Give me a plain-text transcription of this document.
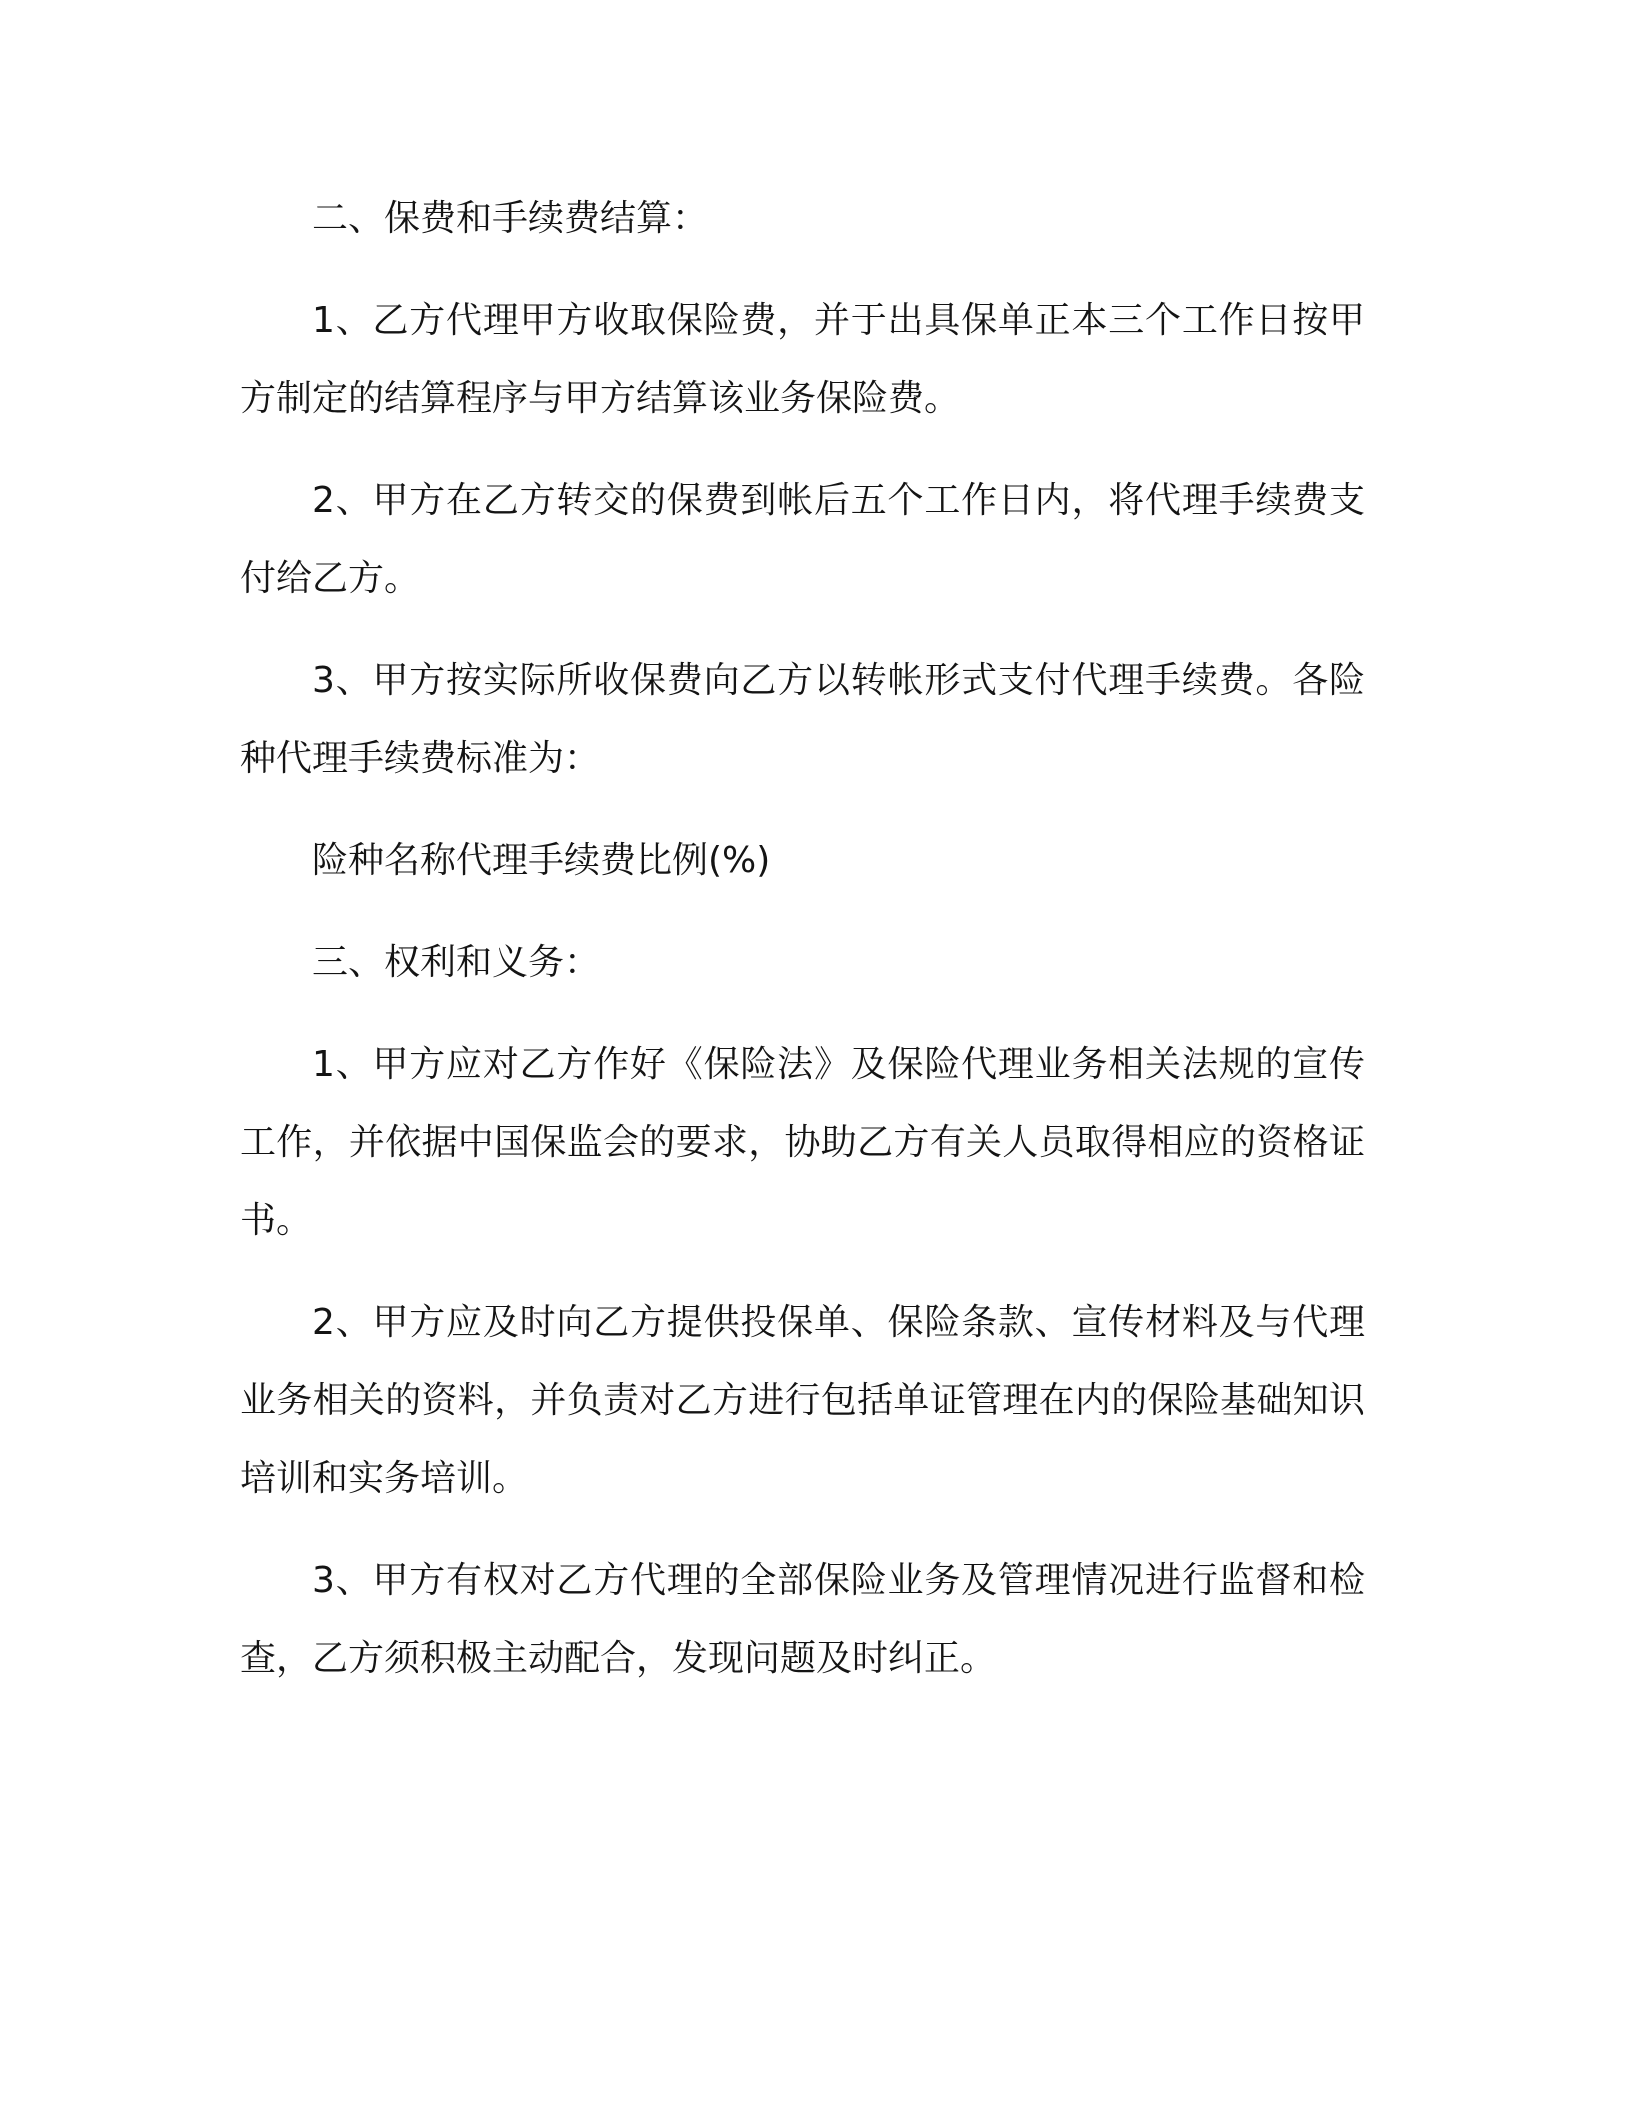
二、保费和手续费结算：

1、乙方代理甲方收取保险费，并于出具保单正本三个工作日按甲方制定的结算程序与甲方结算该业务保险费。

2、甲方在乙方转交的保费到帐后五个工作日内，将代理手续费支付给乙方。

3、甲方按实际所收保费向乙方以转帐形式支付代理手续费。各险种代理手续费标准为：

险种名称代理手续费比例(%)

三、权利和义务：

1、甲方应对乙方作好《保险法》及保险代理业务相关法规的宣传工作，并依据中国保监会的要求，协助乙方有关人员取得相应的资格证书。

2、甲方应及时向乙方提供投保单、保险条款、宣传材料及与代理业务相关的资料，并负责对乙方进行包括单证管理在内的保险基础知识培训和实务培训。

3、甲方有权对乙方代理的全部保险业务及管理情况进行监督和检查，乙方须积极主动配合，发现问题及时纠正。
